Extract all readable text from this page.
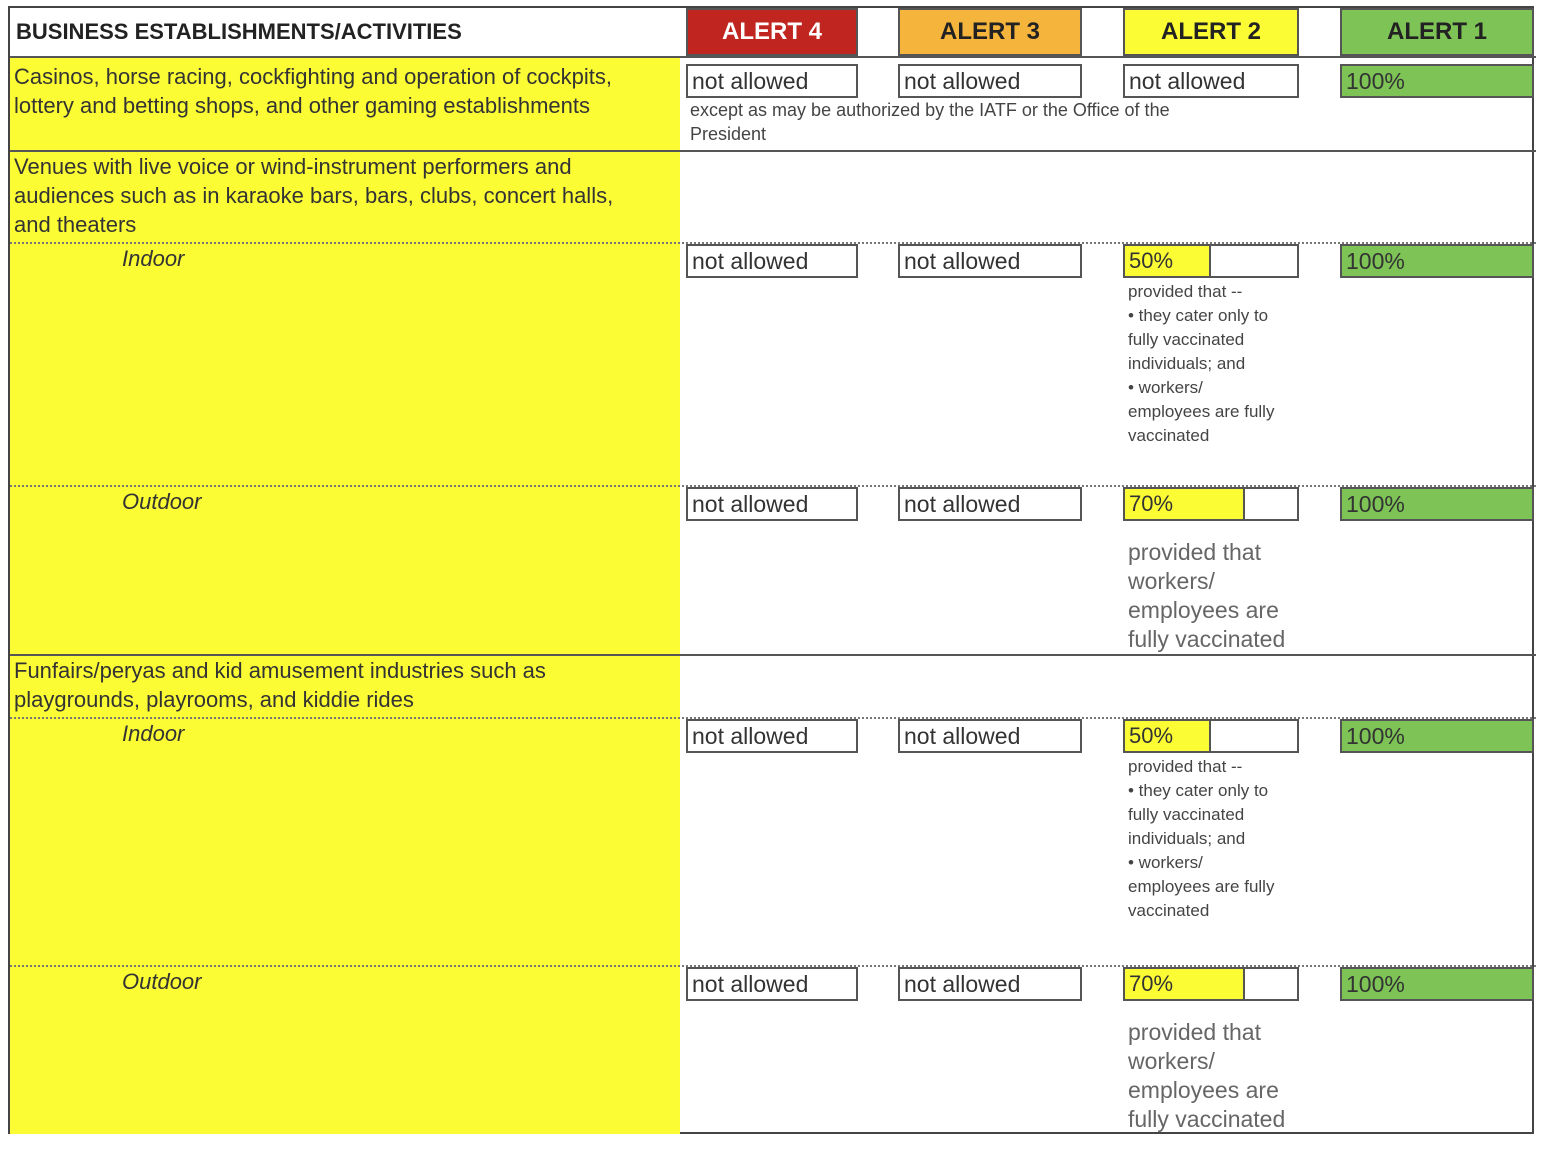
BUSINESS ESTABLISHMENTS/ACTIVITIES	ALERT 4	ALERT 3	ALERT 2	ALERT 1
Casinos, horse racing, cockfighting and operation of cockpits,
lottery and betting shops, and other gaming establishments
not allowed	not allowed	not allowed	100%
except as may be authorized by the IATF or the Office of the
President
Venues with live voice or wind-instrument performers and
audiences such as in karaoke bars, bars, clubs, concert halls,
and theaters
Indoor	not allowed	not allowed	50%	100%
provided that --
• they cater only to
fully vaccinated
individuals; and
• workers/
employees are fully
vaccinated
Outdoor	not allowed	not allowed	70%	100%
provided that
workers/
employees are
fully vaccinated
Funfairs/peryas and kid amusement industries such as
playgrounds, playrooms, and kiddie rides
Indoor	not allowed	not allowed	50%	100%
provided that --
• they cater only to
fully vaccinated
individuals; and
• workers/
employees are fully
vaccinated
Outdoor	not allowed	not allowed	70%	100%
provided that
workers/
employees are
fully vaccinated
